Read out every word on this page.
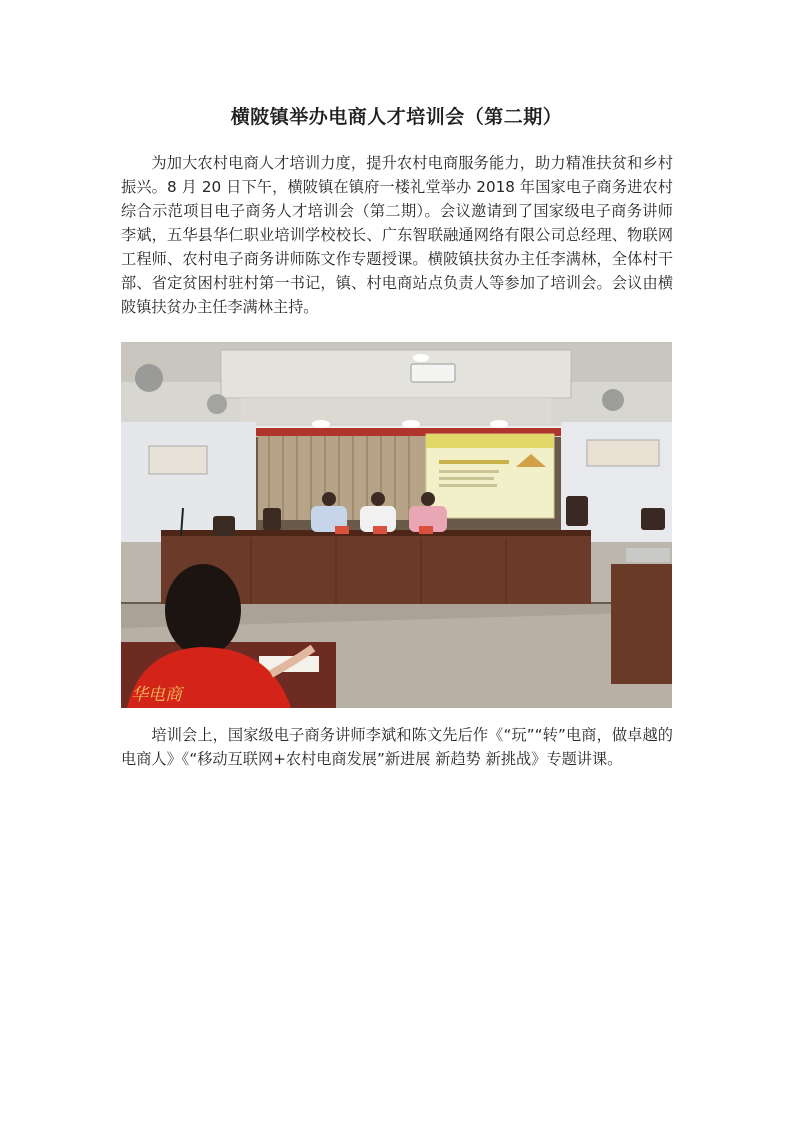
横陂镇举办电商人才培训会（第二期）

为加大农村电商人才培训力度，提升农村电商服务能力，助力精准扶贫和乡村振兴。8 月 20 日下午，横陂镇在镇府一楼礼堂举办 2018 年国家电子商务进农村综合示范项目电子商务人才培训会（第二期）。会议邀请到了国家级电子商务讲师李斌，五华县华仁职业培训学校校长、广东智联融通网络有限公司总经理、物联网工程师、农村电子商务讲师陈文作专题授课。横陂镇扶贫办主任李满林，全体村干部、省定贫困村驻村第一书记，镇、村电商站点负责人等参加了培训会。会议由横陂镇扶贫办主任李满林主持。

华电商

培训会上，国家级电子商务讲师李斌和陈文先后作《“玩”“转”电商，做卓越的电商人》《“移动互联网+农村电商发展”新进展 新趋势 新挑战》专题讲课。
